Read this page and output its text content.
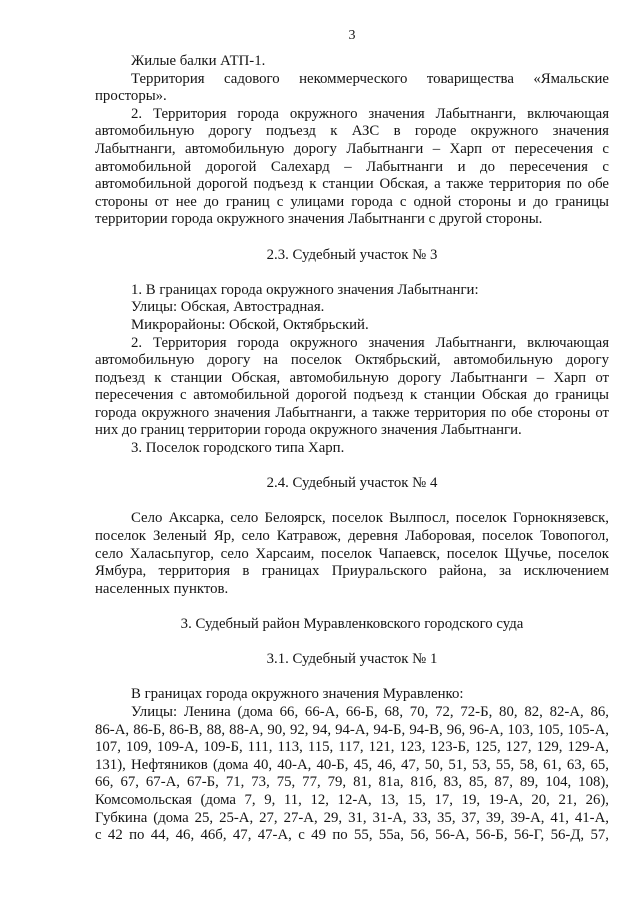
3
Жилые балки АТП-1.
Территория садового некоммерческого товарищества «Ямальские
просторы».
2. Территория города окружного значения Лабытнанги, включающая
автомобильную дорогу подъезд к АЗС в городе окружного значения
Лабытнанги, автомобильную дорогу Лабытнанги – Харп от пересечения с
автомобильной дорогой Салехард – Лабытнанги и до пересечения с
автомобильной дорогой подъезд к станции Обская, а также территория по обе
стороны от нее до границ с улицами города с одной стороны и до границы
территории города окружного значения Лабытнанги с другой стороны.
2.3. Судебный участок № 3
1. В границах города окружного значения Лабытнанги:
Улицы: Обская, Автострадная.
Микрорайоны: Обской, Октябрьский.
2. Территория города окружного значения Лабытнанги, включающая
автомобильную дорогу на поселок Октябрьский, автомобильную дорогу
подъезд к станции Обская, автомобильную дорогу Лабытнанги – Харп от
пересечения с автомобильной дорогой подъезд к станции Обская до границы
города окружного значения Лабытнанги, а также территория по обе стороны от
них до границ территории города окружного значения Лабытнанги.
3. Поселок городского типа Харп.
2.4. Судебный участок № 4
Село Аксарка, село Белоярск, поселок Вылпосл, поселок Горнокнязевск,
поселок Зеленый Яр, село Катравож, деревня Лаборовая, поселок Товопогол,
село Халасьпугор, село Харсаим, поселок Чапаевск, поселок Щучье, поселок
Ямбура, территория в границах Приуральского района, за исключением
населенных пунктов.
3. Судебный район Муравленковского городского суда
3.1. Судебный участок № 1
В границах города окружного значения Муравленко:
Улицы: Ленина (дома 66, 66-А, 66-Б, 68, 70, 72, 72-Б, 80, 82, 82-А, 86,
86-А, 86-Б, 86-В, 88, 88-А, 90, 92, 94, 94-А, 94-Б, 94-В, 96, 96-А, 103, 105, 105-А,
107, 109, 109-А, 109-Б, 111, 113, 115, 117, 121, 123, 123-Б, 125, 127, 129, 129-А,
131), Нефтяников (дома 40, 40-А, 40-Б, 45, 46, 47, 50, 51, 53, 55, 58, 61, 63, 65,
66, 67, 67-А, 67-Б, 71, 73, 75, 77, 79, 81, 81а, 81б, 83, 85, 87, 89, 104, 108),
Комсомольская (дома 7, 9, 11, 12, 12-А, 13, 15, 17, 19, 19-А, 20, 21, 26),
Губкина (дома 25, 25-А, 27, 27-А, 29, 31, 31-А, 33, 35, 37, 39, 39-А, 41, 41-А,
с 42 по 44, 46, 46б, 47, 47-А, с 49 по 55, 55а, 56, 56-А, 56-Б, 56-Г, 56-Д, 57,
